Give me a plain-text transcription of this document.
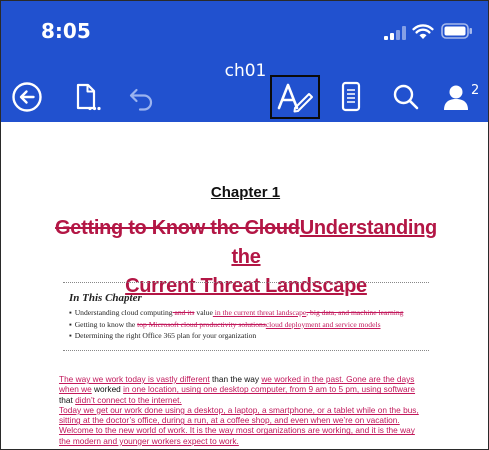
8:05
ch01
2
Chapter 1
Getting to Know the CloudUnderstanding the
Current Threat Landscape
In This Chapter
▪ Understanding cloud computing and its value in the current threat landscape, big data, and machine learning
▪ Getting to know the top Microsoft cloud productivity solutionscloud deployment and service models
▪ Determining the right Office 365 plan for your organization
The way we work today is vastly different than the way we worked in the past. Gone are the days
when we worked in one location, using one desktop computer, from 9 am to 5 pm, using software
that didn’t connect to the internet.
Today we get our work done using a desktop, a laptop, a smartphone, or a tablet while on the bus,
sitting at the doctor’s office, during a run, at a coffee shop, and even when we’re on vacation.
Welcome to the new world of work. It is the way most organizations are working, and it is the way
the modern and younger workers expect to work.
